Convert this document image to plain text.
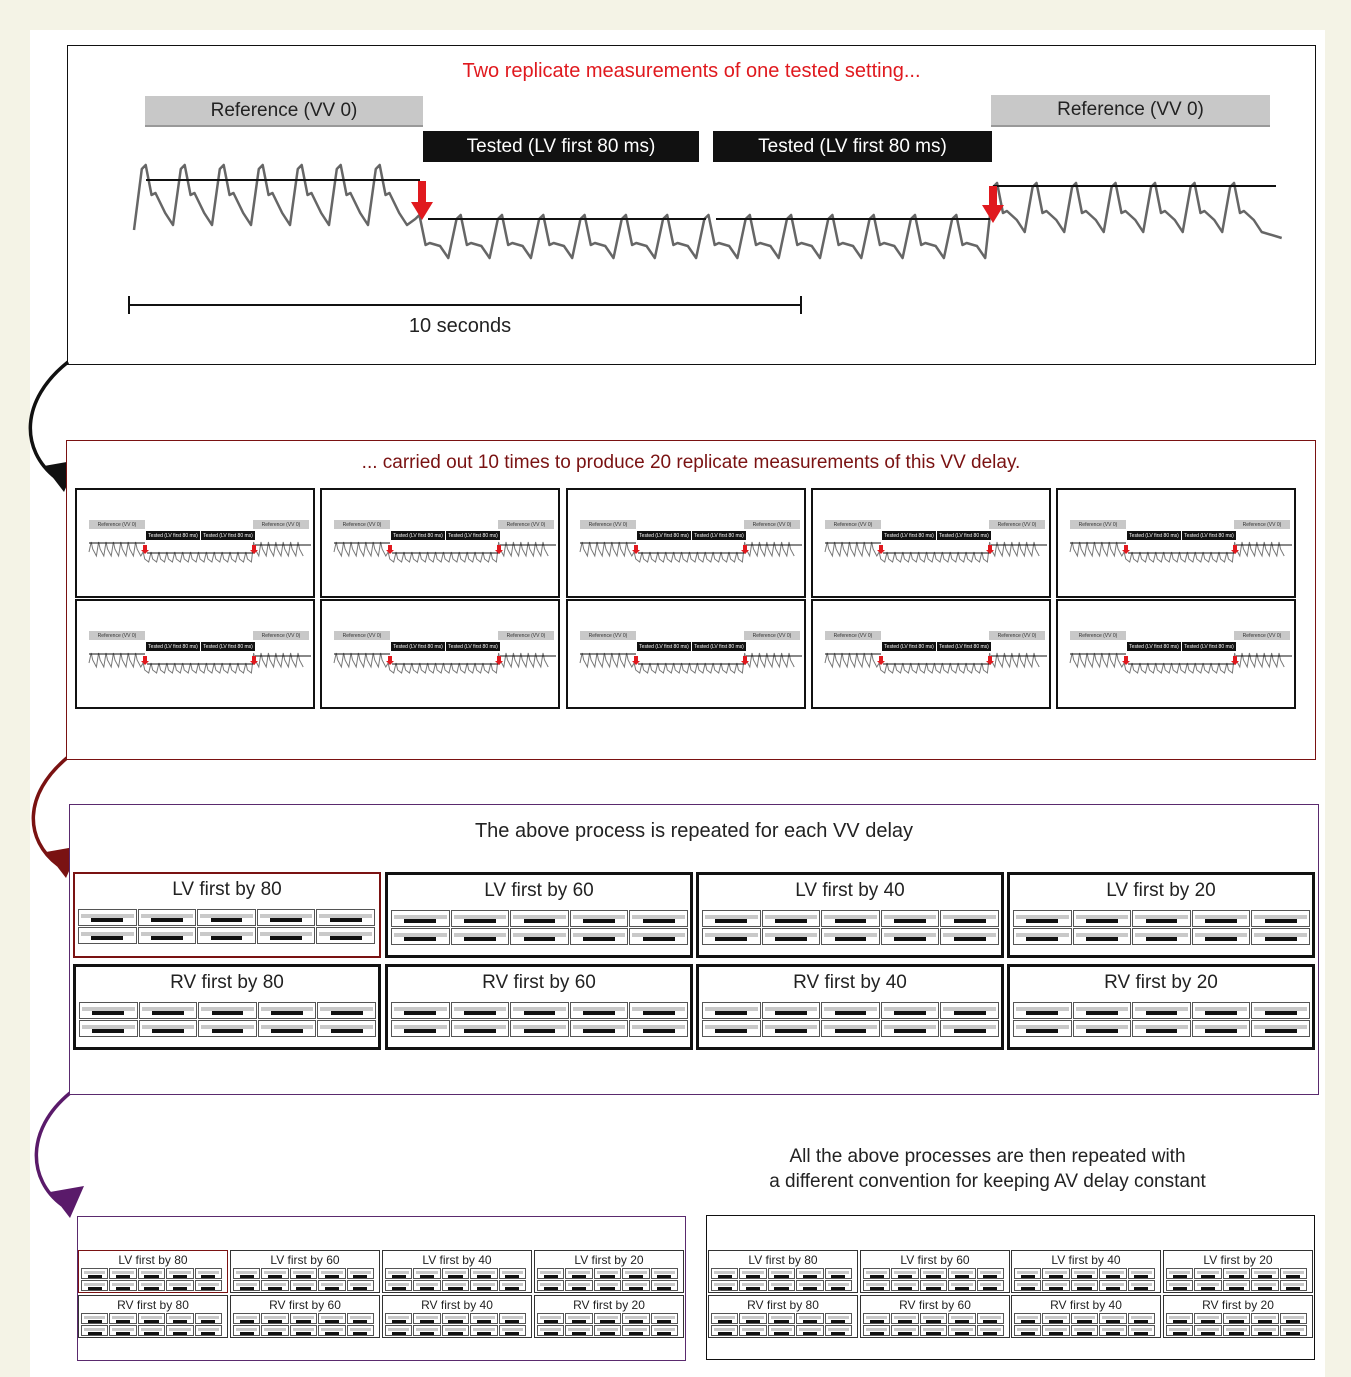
Two replicate measurements of one tested setting...
Reference (VV 0)	Reference (VV 0)
Tested (LV first 80 ms)	Tested (LV first 80 ms)
10 seconds
... carried out 10 times to produce 20 replicate measurements of this VV delay.
Reference (VV 0)	Reference (VV 0)
Tested (LV first 80 ms)	Tested (LV first 80 ms)
Reference (VV 0)	Reference (VV 0)
Tested (LV first 80 ms)	Tested (LV first 80 ms)
Reference (VV 0)	Reference (VV 0)
Tested (LV first 80 ms)	Tested (LV first 80 ms)
Reference (VV 0)	Reference (VV 0)
Tested (LV first 80 ms)	Tested (LV first 80 ms)
Reference (VV 0)	Reference (VV 0)
Tested (LV first 80 ms)	Tested (LV first 80 ms)
Reference (VV 0)	Reference (VV 0)
Tested (LV first 80 ms)	Tested (LV first 80 ms)
Reference (VV 0)	Reference (VV 0)
Tested (LV first 80 ms)	Tested (LV first 80 ms)
Reference (VV 0)	Reference (VV 0)
Tested (LV first 80 ms)	Tested (LV first 80 ms)
Reference (VV 0)	Reference (VV 0)
Tested (LV first 80 ms)	Tested (LV first 80 ms)
Reference (VV 0)	Reference (VV 0)
Tested (LV first 80 ms)	Tested (LV first 80 ms)
The above process is repeated for each VV delay
LV first by 80	LV first by 60	LV first by 40	LV first by 20
RV first by 80	RV first by 60	RV first by 40	RV first by 20
All the above processes are then repeated with
a different convention for keeping AV delay constant
LV first by 80	LV first by 60	LV first by 40	LV first by 20
RV first by 80	RV first by 60	RV first by 40	RV first by 20
LV first by 80	LV first by 60	LV first by 40	LV first by 20
RV first by 80	RV first by 60	RV first by 40	RV first by 20
